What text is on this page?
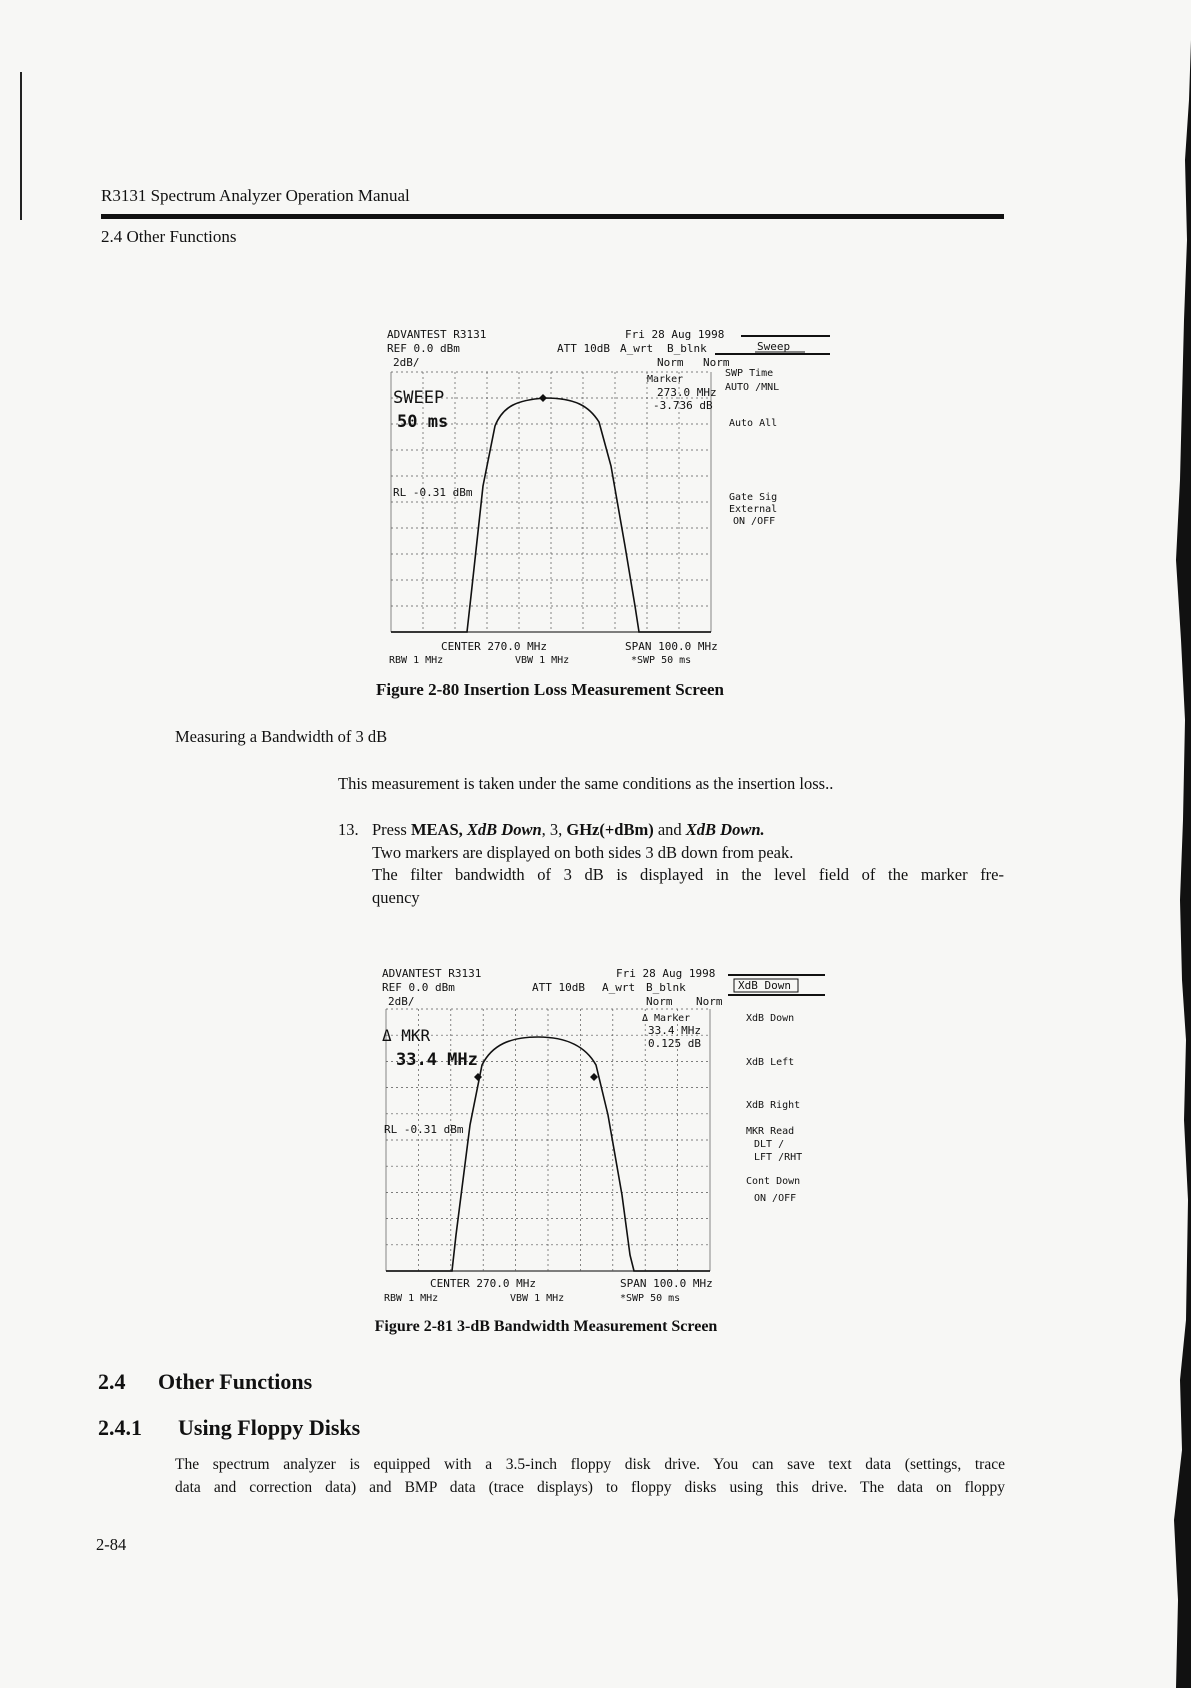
R3131 Spectrum Analyzer Operation Manual
2.4 Other Functions
ADVANTEST R3131	Fri 28 Aug 1998
REF 0.0 dBm	ATT 10dB A_wrt B_blnk
2dB/	Norm Norm
Sweep
Marker
273.0 MHz
-3.736 dB
SWEEP
50 ms
RL -0.31 dBm
SWP Time
AUTO /MNL
Auto All
Gate Sig
External
ON /OFF
CENTER 270.0 MHz	SPAN 100.0 MHz
RBW 1 MHz	VBW 1 MHz	*SWP 50 ms
Figure 2-80 Insertion Loss Measurement Screen
Measuring a Bandwidth of 3 dB
This measurement is taken under the same conditions as the insertion loss..
13. Press MEAS, XdB Down, 3, GHz(+dBm) and XdB Down.
Two markers are displayed on both sides 3 dB down from peak.
The filter bandwidth of 3 dB is displayed in the level field of the marker fre-
quency
ADVANTEST R3131	Fri 28 Aug 1998
REF 0.0 dBm	ATT 10dB A_wrt B_blnk
2dB/	Norm Norm
XdB Down
Δ Marker
33.4 MHz
0.125 dB
Δ MKR
33.4 MHz
RL -0.31 dBm
XdB Down
XdB Left
XdB Right
MKR Read
DLT /
LFT /RHT
Cont Down
ON /OFF
CENTER 270.0 MHz	SPAN 100.0 MHz
RBW 1 MHz	VBW 1 MHz	*SWP 50 ms
Figure 2-81 3-dB Bandwidth Measurement Screen
2.4 Other Functions
2.4.1 Using Floppy Disks
The spectrum analyzer is equipped with a 3.5-inch floppy disk drive. You can save text data (settings, trace
data and correction data) and BMP data (trace displays) to floppy disks using this drive. The data on floppy
2-84
